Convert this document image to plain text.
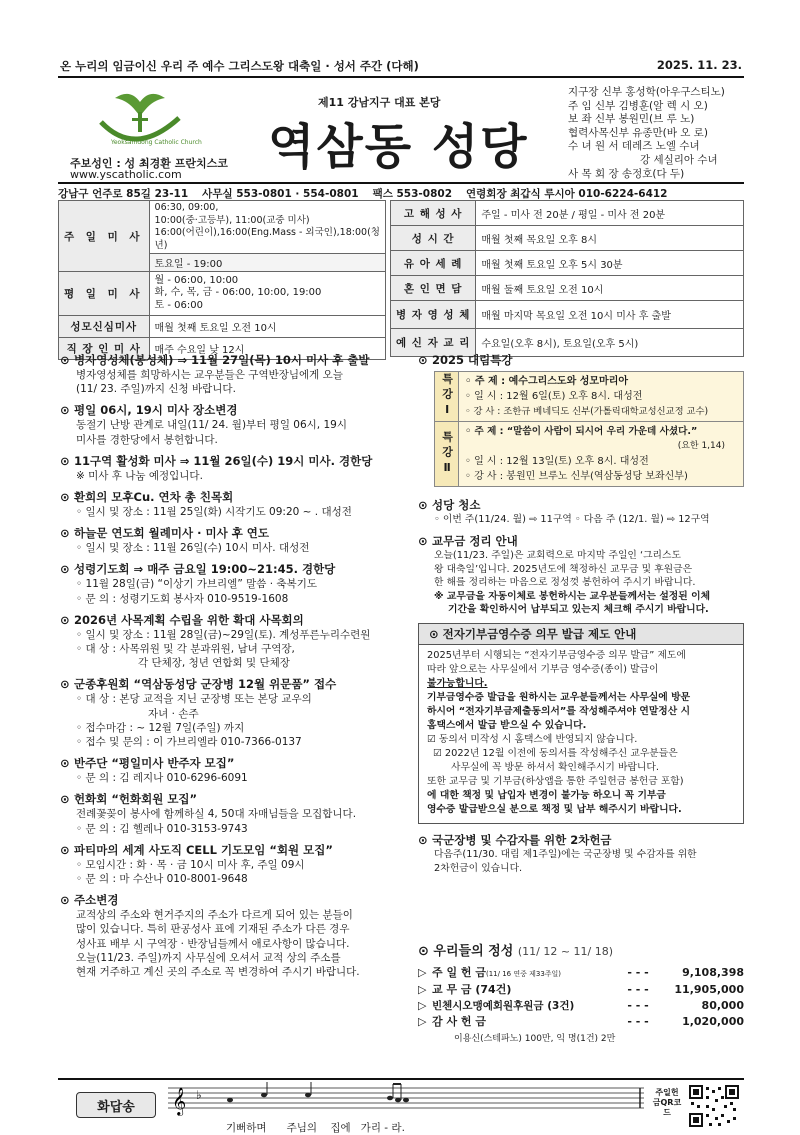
온 누리의 임금이신 우리 주 예수 그리스도왕 대축일 · 성서 주간 (다해)	2025. 11. 23.
Yeoksamdong Catholic Church
주보성인 : 성 최경환 프란치스코
www.yscatholic.com
제11 강남지구 대표 본당
역삼동 성당
지구장 신부 홍성학(아우구스티노)
주 임 신부 김병훈(알 렉 시 오)
보 좌 신부 봉원민(브 루 노)
협력사목신부 유종만(바 오 로)
수 녀 원 서 데레즈 노엘 수녀
강 세실리아 수녀
사 목 회 장 송정호(다 두)
강남구 언주로 85길 23-11 사무실 553-0801 · 554-0801 팩스 553-0802 연령회장 최갑식 루시아 010-6224-6412
주 일 미 사	06:30, 09:00,
10:00(중·고등부), 11:00(교중 미사)
16:00(어린이),16:00(Eng.Mass - 외국인),18:00(청년)

	토요일 - 19:00
평 일 미 사	월 - 06:00, 10:00
화, 수, 목, 금 - 06:00, 10:00, 19:00
토 - 06:00

성모신심미사	매월 첫째 토요일 오전 10시
직 장 인 미 사	매주 수요일 낮 12시
고 해 성 사	주일 - 미사 전 20분 / 평일 - 미사 전 20분
성 시 간	매월 첫째 목요일 오후 8시
유 아 세 례	매월 첫째 토요일 오후 5시 30분
혼 인 면 담	매월 둘째 토요일 오전 10시
병 자 영 성 체	매월 마지막 목요일 오전 10시 미사 후 출발
예 신 자 교 리	수요일(오후 8시), 토요일(오후 5시)
⊙ 병자영성체(봉성체) ⇒ 11월 27일(목) 10시 미사 후 출발
병자영성체를 희망하시는 교우분들은 구역반장님에게 오늘
(11/ 23. 주일)까지 신청 바랍니다.
⊙ 평일 06시, 19시 미사 장소변경
동절기 난방 관계로 내일(11/ 24. 월)부터 평일 06시, 19시
미사를 경한당에서 봉헌합니다.
⊙ 11구역 활성화 미사 ⇒ 11월 26일(수) 19시 미사. 경한당
※ 미사 후 나눔 예정입니다.
⊙ 환희의 모후Cu. 연차 총 친목회
◦ 일시 및 장소 : 11월 25일(화) 시작기도 09:20 ~ . 대성전
⊙ 하늘문 연도회 월례미사 · 미사 후 연도
◦ 일시 및 장소 : 11월 26일(수) 10시 미사. 대성전
⊙ 성령기도회 ⇒ 매주 금요일 19:00~21:45. 경한당
◦ 11월 28일(금) “이상기 가브리엘” 말씀 · 축복기도
◦ 문 의 : 성령기도회 봉사자 010-9519-1608
⊙ 2026년 사목계획 수립을 위한 확대 사목회의
◦ 일시 및 장소 : 11월 28일(금)~29일(토). 계성푸른누리수련원
◦ 대 상 : 사목위원 및 각 분과위원, 남녀 구역장,
각 단체장, 청년 연합회 및 단체장
⊙ 군종후원회 “역삼동성당 군장병 12월 위문품” 접수
◦ 대 상 : 본당 교적을 지닌 군장병 또는 본당 교우의
자녀 · 손주
◦ 접수마감 : ~ 12월 7일(주일) 까지
◦ 접수 및 문의 : 이 가브리엘라 010-7366-0137
⊙ 반주단 “평일미사 반주자 모집”
◦ 문 의 : 김 레지나 010-6296-6091
⊙ 헌화회 “헌화회원 모집”
전례꽃꽂이 봉사에 함께하실 4, 50대 자매님들을 모집합니다.
◦ 문 의 : 김 헬레나 010-3153-9743
⊙ 파티마의 세계 사도직 CELL 기도모임 “회원 모집”
◦ 모임시간 : 화 · 목 · 금 10시 미사 후, 주일 09시
◦ 문 의 : 마 수산나 010-8001-9648
⊙ 주소변경
교적상의 주소와 현거주지의 주소가 다르게 되어 있는 분들이
많이 있습니다. 특히 판공성사 표에 기재된 주소가 다른 경우
성사표 배부 시 구역장 · 반장님들께서 애로사항이 많습니다.
오늘(11/23. 주일)까지 사무실에 오셔서 교적 상의 주소를
현재 거주하고 계신 곳의 주소로 꼭 변경하여 주시기 바랍니다.
⊙ 2025 대림특강
특강Ⅰ	◦ 주 제 : 예수그리스도와 성모마리아
◦ 일 시 : 12월 6일(토) 오후 8시. 대성전
◦ 강 사 : 조한규 베네딕도 신부(가톨릭대학교성신교정 교수)
특강Ⅱ	◦ 주 제 : “말씀이 사람이 되시어 우리 가운데 사셨다.”
(요한 1,14)
◦ 일 시 : 12월 13일(토) 오후 8시. 대성전
◦ 강 사 : 봉원민 브루노 신부(역삼동성당 보좌신부)
⊙ 성당 청소
◦ 이번 주(11/24. 월) ⇨ 11구역 ◦ 다음 주 (12/1. 월) ⇨ 12구역
⊙ 교무금 정리 안내
오늘(11/23. 주일)은 교회력으로 마지막 주일인 ‘그리스도
왕 대축일’입니다. 2025년도에 책정하신 교무금 및 후원금은
한 해를 정리하는 마음으로 정성껏 봉헌하여 주시기 바랍니다.
※ 교무금을 자동이체로 봉헌하시는 교우분들께서는 설정된 이체
기간을 확인하시어 납부되고 있는지 체크해 주시기 바랍니다.
⊙ 전자기부금영수증 의무 발급 제도 안내
2025년부터 시행되는 “전자기부금영수증 의무 발급” 제도에
따라 앞으로는 사무실에서 기부금 영수증(종이) 발급이
불가능합니다.
기부금영수증 발급을 원하시는 교우분들께서는 사무실에 방문
하시어 “전자기부금제출동의서”를 작성해주셔야 연말정산 시
홈택스에서 발급 받으실 수 있습니다.
☑ 동의서 미작성 시 홈택스에 반영되지 않습니다.
☑ 2022년 12월 이전에 동의서를 작성해주신 교우분들은
사무실에 꼭 방문 하셔서 확인해주시기 바랍니다.
또한 교무금 및 기부금(하상앱을 통한 주일헌금 봉헌금 포함)
에 대한 책정 및 납입자 변경이 불가능 하오니 꼭 기부금
영수증 발급받으실 분으로 책정 및 납부 해주시기 바랍니다.
⊙ 국군장병 및 수감자를 위한 2차헌금
다음주(11/30. 대림 제1주일)에는 국군장병 및 수감자를 위한
2차헌금이 있습니다.
⊙ 우리들의 정성 (11/ 12 ~ 11/ 18)
▷ 주 일 헌 금(11/ 16 연중 제33주일)	- - -	9,108,398
▷ 교 무 금 (74건)	- - -	11,905,000
▷ 빈첸시오맹예회원후원금 (3건)	- - -	80,000
▷ 감 사 헌 금	- - -	1,020,000
이용신(스테파노) 100만, 익 명(1건) 2만
화답송	𝄞 ♭
기뻐하며      주님의    집에   가리 - 라.
주일헌금QR코드
